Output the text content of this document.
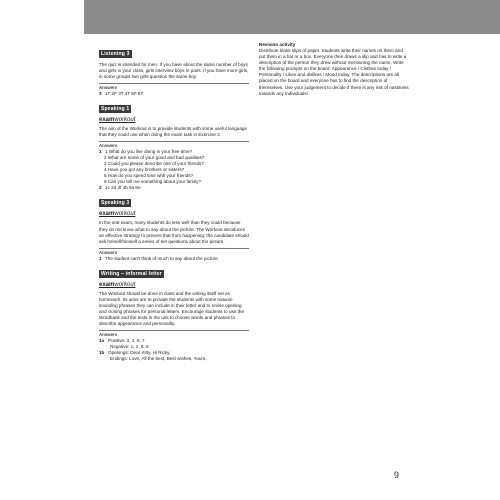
Listening 3

The quiz is intended for men. If you have about the same number of boys and girls in your class, girls interview boys in pairs. If you have more girls, in some groups two girls question the same boy.

Answers

3 1T 2F 3T 4T 5F 6T

Speaking 1
examworkout

The aim of the Workout is to provide students with some useful language that they could use when doing the exam task in Exercise 2.

Answers

1 1 What do you like doing in your free time?

2 What are some of your good and bad qualities?

3 Could you please describe one of your friends?

4 Have you got any brothers or sisters?

5 How do you spend time with your friends?

6 Can you tell me something about your family?

2 1c 2d 3f 4b 5a 6e

Speaking 3
examworkout

In the oral exam, many students do less well than they could because they do not know what to say about the picture. The Workout introduces an effective strategy to prevent that from happening: the candidate should ask herself/himself a series of set questions about the picture.

Answers

1 The student can't think of much to say about the picture.

Writing – informal letter
examworkout

The Workout should be done in class and the writing itself set as homework. Its aims are to provide the students with some natural-sounding phrases they can include in their letter and to revise opening and closing phrases for personal letters. Encourage students to use the Wordbank and the texts in the unit to choose words and phrases to describe appearance and personality.

Answers

1a Positive: 3, 4, 6, 7

Negative: 1, 2, 5, 8

1b Openings: Dear Kitty, Hi Ricky,

Endings: Love, All the best, Best wishes, Yours,

Revision activity

Distribute blank slips of paper. Students write their names on them and put them in a hat or a box. Everyone then draws a slip and has to write a description of the person they drew without mentioning the name. Write the following prompts on the board: Appearance / Clothes today / Personality / Likes and dislikes / Mood today. The descriptions are all placed on the board and everyone has to find the description of themselves. Use your judgement to decide if there is any risk of nastiness towards any individuals!

9
